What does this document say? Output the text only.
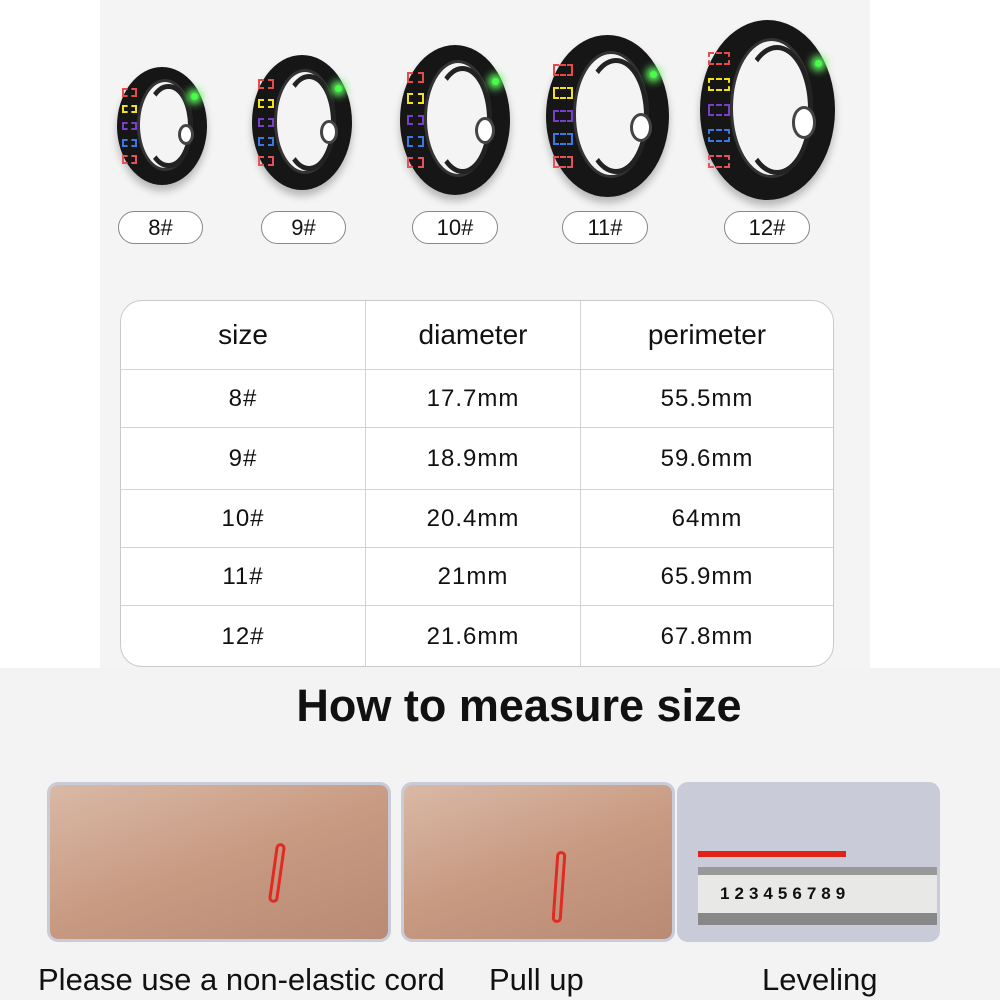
8#	9#	10#	11#	12#
size	diameter	perimeter
8#	17.7mm	55.5mm
9#	18.9mm	59.6mm
10#	20.4mm	64mm
11#	21mm	65.9mm
12#	21.6mm	67.8mm
How to measure size
1 2 3 4 5 6 7 8 9
Please use a non-elastic cord Pull up	Leveling
